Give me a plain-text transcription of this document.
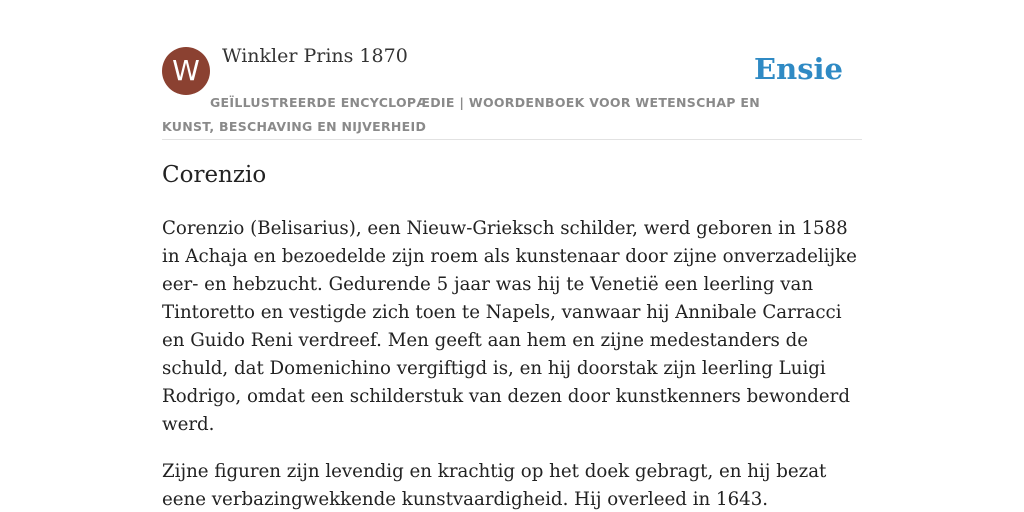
W	Winkler Prins 1870	Ensie
GEÏLLUSTREERDE ENCYCLOPÆDIE | WOORDENBOEK VOOR WETENSCHAP EN KUNST, BESCHAVING EN NIJVERHEID
Corenzio

Corenzio (Belisarius), een Nieuw-Grieksch schilder, werd geboren in 1588 in Achaja en bezoedelde zijn roem als kunstenaar door zijne onverzadelijke eer- en hebzucht. Gedurende 5 jaar was hij te Venetië een leerling van Tintoretto en vestigde zich toen te Napels, vanwaar hij Annibale Carracci en Guido Reni verdreef. Men geeft aan hem en zijne medestanders de schuld, dat Domenichino vergiftigd is, en hij doorstak zijn leerling Luigi Rodrigo, omdat een schilderstuk van dezen door kunstkenners bewonderd werd.

Zijne figuren zijn levendig en krachtig op het doek gebragt, en hij bezat eene verbazingwekkende kunstvaardigheid. Hij overleed in 1643.
